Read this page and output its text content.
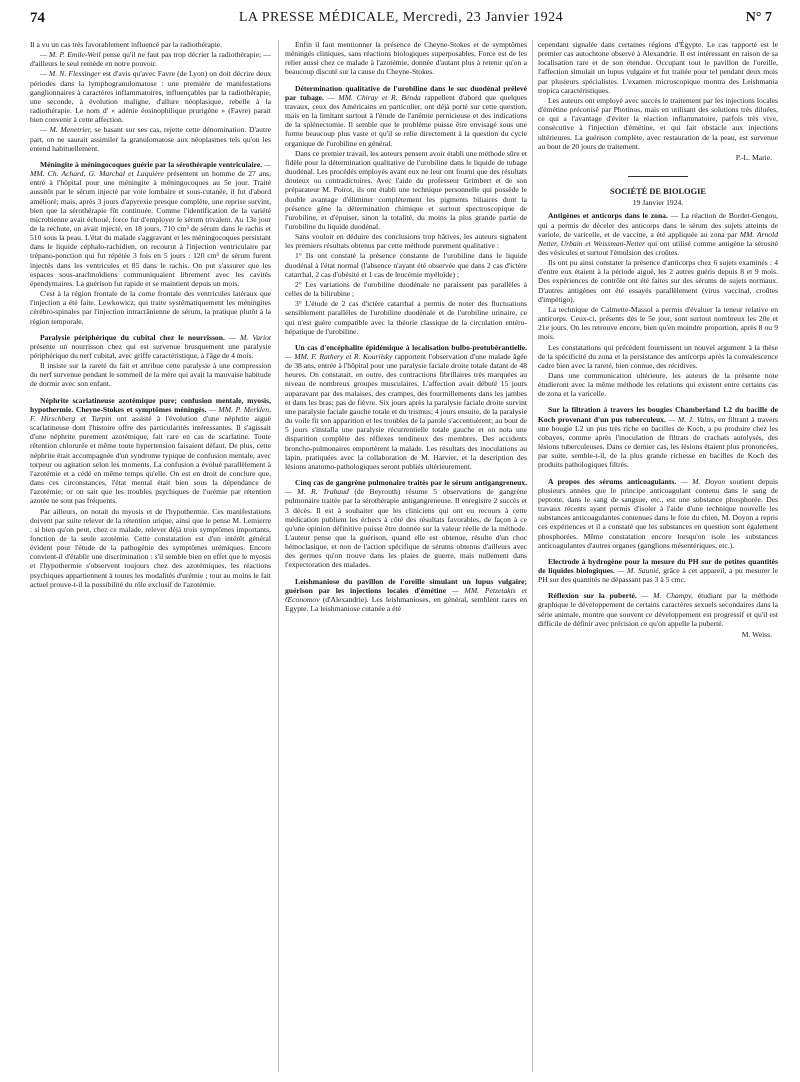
74	LA PRESSE MÉDICALE, Mercredi, 23 Janvier 1924	N° 7

Il a vu un cas très favorablement influencé par la radiothérapie.

— M. P. Emile-Weil pense qu'il ne faut pas trop décrier la radiothérapie; — d'ailleurs le seul remède en notre pouvoir.

— M. N. Flessinger est d'avis qu'avec Favre (de Lyon) on doit décrire deux périodes dans la lymphogranulomatose : une première de manifestations ganglionnaires à caractères inflammatoires, influençables par la radiothérapie; une seconde, à évolution maligne, d'allure néoplasique, rebelle à la radiothérapie. Le nom d' « adénie éosinophilique prurigène » (Favre) parait bien convenir à cette affection.

— M. Menetrier, se basant sur ses cas, rejette cette dénomination. D'autre part, on ne saurait assimiler la granulomatose aux néoplasmes tels qu'on les entend habituellement.

Méningite à méningocoques guérie par la sérothérapie ventriculaire. — MM. Ch. Achard, G. Marchal et Laquière présentent un homme de 27 ans, entré à l'hôpital pour une méningite à méningocoques au 5e jour. Traité aussitôt par le sérum injecté par voie lombaire et sous-cutanée, il fut d'abord amélioré; mais, après 3 jours d'apyrexie presque complète, une reprise survint, bien que la sérothérapie fût continuée. Comme l'identification de la variété microbienne avait échoué, force fut d'employer le sérum trivalent. Au 13e jour de la rechute, on avait injecté, en 18 jours, 710 cm³ de sérum dans le rachis et 510 sous la peau. L'état du malade s'aggravant et les méningocoques persistant dans le liquide céphalo-rachidien, on recourut à l'injection ventriculaire par trépano-ponction qui fut répétée 3 fois en 5 jours : 120 cm³ de sérum furent injectés dans les ventricules et 85 dans le rachis. On put s'assurer que les espaces sous-arachnoïdiens communiquaient librement avec les cavités épendymaires. La guérison fut rapide et se maintient depuis un mois.

C'est à la région frontale de la corne frontale des ventricules latéraux que l'injection a été faite. Lewkowicz, qui traite systématiquement les méningites cérébro-spinales par l'injection intracrânienne de sérum, la pratique plutôt à la région temporale.

Paralysie périphérique du cubital chez le nourrisson. — M. Variot présente un nourrisson chez qui est survenue brusquement une paralysie périphérique du nerf cubital, avec griffe caractéristique, à l'âge de 4 mois.

Il insiste sur la rareté du fait et attribue cette paralysie à une compression du nerf survenue pendant le sommeil de la mère qui avait la mauvaise habitude de dormir avec son enfant.

Néphrite scarlatineuse azotémique pure; confusion mentale, myosis, hypothermie. Cheyne-Stokes et symptômes méningés. — MM. P. Merklen, F. Hirschberg et Turpin ont assisté à l'évolution d'une néphrite aiguë scarlatineuse dont l'histoire offre des particularités intéressantes. Il s'agissait d'une néphrite purement azotémique, fait rare en cas de scarlatine. Toute rétention chlorurée et même toute hypertension faisaient défaut. De plus, cette néphrite était accompagnée d'un syndrome typique de confusion mentale, avec torpeur ou agitation selon les moments. La confusion a évolué parallèlement à l'azotémie et a cédé en même temps qu'elle. On est en droit de conclure que, dans ces circonstances, l'état mental était bien sous la dépendance de l'azotémie; or on sait que les troubles psychiques de l'urémie par rétention azotée ne sont pas fréquents.

Par ailleurs, on notait du myosis et de l'hypothermie. Ces manifestations doivent par suite relever de la rétention urique, ainsi que le pense M. Lemierre : si bien qu'on peut, chez ce malade, relever déjà trois symptômes importants, fonction de la seule azotémie. Cette constatation est d'un intérêt général évident pour l'étude de la pathogénie des symptômes urémiques. Encore convient-il d'établir une discrimination : s'il semble bien en effet que le myosis et l'hypothermie s'observent toujours chez des azotémiques, les réactions psychiques appartiennent à toutes les modalités d'urémie ; tout au moins le fait actuel prouve-t-il la possibilité du rôle exclusif de l'azotémie.

Enfin il faut mentionner la présence de Cheyne-Stokes et de symptômes méningés cliniques, sans réactions biologiques superposables. Force est de les relier aussi chez ce malade à l'azotémie, donnée d'autant plus à retenir qu'on a beaucoup discuté sur la cause du Cheyne-Stokes.

Détermination qualitative de l'urobiline dans le suc duodénal prélevé par tubage. — MM. Chiray et R. Bénda rappellent d'abord que quelques travaux, ceux des Américains en particulier, ont déjà porté sur cette question, mais en la limitant surtout à l'étude de l'anémie pernicieuse et des indications de la splénectomie. Il semble que le problème puisse être envisagé sous une forme beaucoup plus vaste et qu'il se relie directement à la question du cycle organique de l'urobiline en général.

Dans ce premier travail, les auteurs pensent avoir établi une méthode sûre et fidèle pour la détermination qualitative de l'urobiline dans le liquide de tubage duodénal. Les procédés employés avant eux ne leur ont fourni que des résultats douteux ou contradictoires. Avec l'aide du professeur Grimbert et de son préparateur M. Poirot, ils ont établi une technique personnelle qui possède le double avantage d'éliminer complètement les pigments biliaires dont la présence gêne la détermination chimique et surtout spectroscopique de l'urobiline, et d'épuiser, sinon la totalité, du moins la plus grande partie de l'urobiline du liquide duodénal.

Sans vouloir en déduire des conclusions trop hâtives, les auteurs signalent les premiers résultats obtenus par cette méthode purement qualitative :

1° Ils ont constaté la présence constante de l'urobiline dans le liquide duodénal à l'état normal (l'absence n'ayant été observée que dans 2 cas d'ictère catarrhal, 2 cas d'obésité et 1 cas de leucémie myéloïde) ;

2° Les variations de l'urobiline duodénale ne paraissent pas parallèles à celles de la bilirubine ;

3° L'étude de 2 cas d'ictère catarrhal a permis de noter des fluctuations sensiblement parallèles de l'urobiline duodénale et de l'urobiline urinaire, ce qui n'est guère compatible avec la théorie classique de la circulation entéro-hépatique de l'urobiline.

Un cas d'encéphalite épidémique à localisation bulbo-protubérantielle. — MM. F. Rathery et R. Kourilsky rapportent l'observation d'une malade âgée de 38 ans, entrée à l'hôpital pour une paralysie faciale droite totale datant de 48 heures. On constatait, en outre, des contractions fibrillaires très marquées au niveau de nombreux groupes musculaires. L'affection avait débuté 15 jours auparavant par des malaises, des crampes, des fourmillements dans les jambes et dans les bras; pas de fièvre. Six jours après la paralysie faciale droite survint une paralysie faciale gauche totale et du trismus; 4 jours ensuite, de la paralysie du voile fit son apparition et les troubles de la parole s'accentuèrent; au bout de 5 jours s'installa une paralysie récurrentielle totale gauche et on nota une disparition complète des réflexes tendineux des membres. Des accidents broncho-pulmonaires emportèrent la malade. Les résultats des inoculations au lapin, pratiquées avec la collaboration de M. Harvier, et la description des lésions anatomo-pathologiques seront publiés ultérieurement.

Cinq cas de gangrène pulmonaire traités par le sérum antigangreneux. — M. R. Trabaud (de Beyrouth) résume 5 observations de gangrène pulmonaire traitée par la sérothérapie antigangreneuse. Il enregistre 2 succès et 3 décès. Il est à souhaiter que les cliniciens qui ont eu recours à cette médication publient les échecs à côté des résultats favorables, de façon à ce qu'une opinion définitive puisse être donnée sur la valeur réelle de la méthode. L'auteur pense que la guérison, quand elle est obtenue, résulte d'un choc hémoclasique, et non de l'action spécifique de sérums obtenus d'ailleurs avec des germes qu'on trouve dans les plaies de guerre, mais nullement dans l'expectoration des malades.

Leishmaniose du pavillon de l'oreille simulant un lupus vulgaire; guérison par les injections locales d'émétine — MM. Petzetakis et Œconomov (d'Alexandrie). Les leishmanioses, en général, semblent rares en Egypte. La leishmaniose cutanée a été

cependant signalée dans certaines régions d'Égypte. Le cas rapporté est le premier cas autochtone observé à Alexandrie. Il est intéressant en raison de sa localisation rare et de son étendue. Occupant tout le pavillon de l'oreille, l'affection simulait un lupus vulgaire et fut traitée pour tel pendant deux mois par plusieurs spécialistes. L'examen microscopique montra des Leishmania tropica caractéristiques.

Les auteurs ont employé avec succès le traitement par les injections locales d'émétine préconisé par Photinos, mais en utilisant des solutions très diluées, ce qui a l'avantage d'éviter la réaction inflammatoire, parfois très vive, consécutive à l'injection d'émétine, et qui fait obstacle aux injections ultérieures. La guérison complète, avec restauration de la peau, est survenue au bout de 20 jours de traitement.

P.-L. Marie.
SOCIÉTÉ DE BIOLOGIE
19 Janvier 1924.

Antigènes et anticorps dans le zona. — La réaction de Bordet-Gengou, qui a permis de déceler des anticorps dans le sérum des sujets atteints de variole, de varicelle, et de vaccine, a été appliquée au zona par MM. Arnold Netter, Urbain et Weissman-Netter qui ont utilisé comme antigène la sérosité des vésicules et surtout l'émulsion des croûtes.

Ils ont pu ainsi constater la présence d'anticorps chez 6 sujets examinés : 4 d'entre eux étaient à la période aiguë, les 2 autres guéris depuis 8 et 9 mois. Des expériences de contrôle ont été faites sur des sérums de sujets normaux. D'autres antigènes ont été essayés parallèlement (virus vaccinal, croûtes d'impétigo).

La technique de Calmette-Massol a permis d'évaluer la teneur relative en anticorps. Ceux-ci, présents dès le 5e jour, sont surtout nombreux les 20e et 21e jours. On les retrouve encore, bien qu'en moindre proportion, après 8 ou 9 mois.

Les constatations qui précèdent fournissent un nouvel argument à la thèse de la spécificité du zona et la persistance des anticorps après la convalescence cadre bien avec la rareté, bien connue, des récidives.

Dans une communication ultérieure, les auteurs de la présente note étudieront avec la même méthode les relations qui existent entre certains cas de zona et la varicelle.

Sur la filtration à travers les bougies Chamberland L2 du bacille de Koch provenant d'un pus tuberculeux. — M. J. Valtis, en filtrant à travers une bougie L2 un pus très riche en bacilles de Koch, a pu produire chez les cobayes, comme après l'inoculation de filtrats de crachats autolysés, des lésions tuberculeuses. Dans ce dernier cas, les lésions étaient plus prononcées, par suite, semble-t-il, de la plus grande richesse en bacilles de Koch des produits pathologiques filtrés.

A propos des sérums anticoagulants. — M. Doyon soutient depuis plusieurs années que le principe anticoagulant contenu dans le sang de peptone, dans le sang de sangsue, etc., est une substance phosphorée. Des travaux récents ayant permis d'isoler à l'aide d'une technique nouvelle les substances anticoagulantes contenues dans le foie du chien, M. Doyon a repris ces expériences et il a constaté que les substances en question sont également phosphorées. Même constatation encore lorsqu'on isole les substances anticoagulantes d'autres organes (ganglions mésentériques, etc.).

Electrode à hydrogène pour la mesure du PH sur de petites quantités de liquides biologiques. — M. Saunié, grâce à cet appareil, a pu mesurer le PH sur des quantités ne dépassant pas 3 à 5 cmc.

Réflexion sur la puberté. — M. Champy, étudiant par la méthode graphique le développement de certains caractères sexuels secondaires dans la série animale, montre que souvent ce développement est progressif et qu'il est difficile de définir avec précision ce qu'on appelle la puberté.

M. Weiss.
